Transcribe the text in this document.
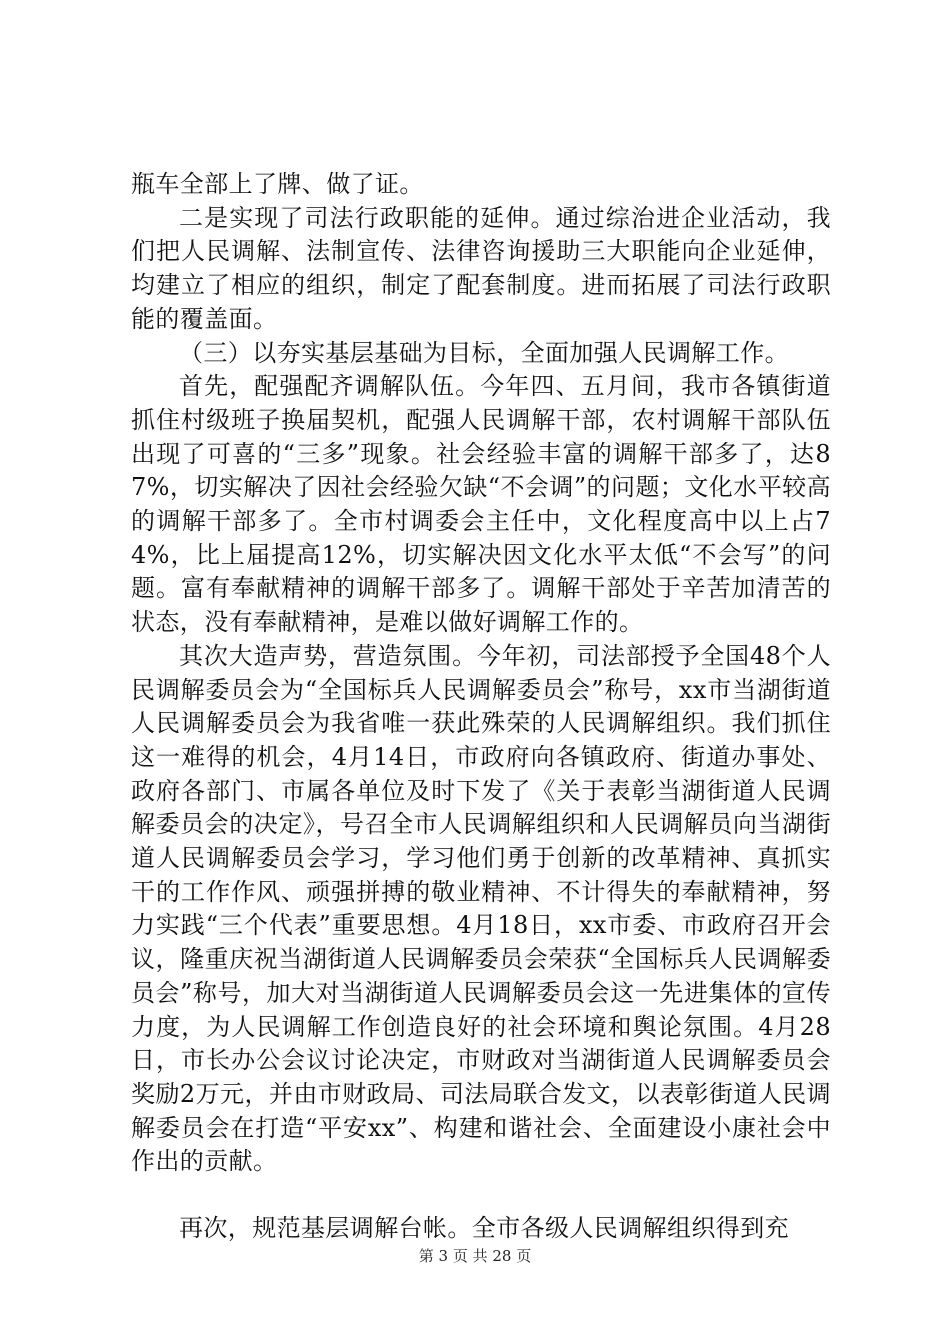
瓶车全部上了牌、做了证。

二是实现了司法行政职能的延伸。通过综治进企业活动，我们把人民调解、法制宣传、法律咨询援助三大职能向企业延伸，均建立了相应的组织，制定了配套制度。进而拓展了司法行政职能的覆盖面。

（三）以夯实基层基础为目标，全面加强人民调解工作。

首先，配强配齐调解队伍。今年四、五月间，我市各镇街道抓住村级班子换届契机，配强人民调解干部，农村调解干部队伍出现了可喜的“三多”现象。社会经验丰富的调解干部多了，达87%，切实解决了因社会经验欠缺“不会调”的问题；文化水平较高的调解干部多了。全市村调委会主任中，文化程度高中以上占74%，比上届提高12%，切实解决因文化水平太低“不会写”的问题。富有奉献精神的调解干部多了。调解干部处于辛苦加清苦的状态，没有奉献精神，是难以做好调解工作的。

其次大造声势，营造氛围。今年初，司法部授予全国48个人民调解委员会为“全国标兵人民调解委员会”称号，xx市当湖街道人民调解委员会为我省唯一获此殊荣的人民调解组织。我们抓住这一难得的机会，4月14日，市政府向各镇政府、街道办事处、政府各部门、市属各单位及时下发了《关于表彰当湖街道人民调解委员会的决定》，号召全市人民调解组织和人民调解员向当湖街道人民调解委员会学习，学习他们勇于创新的改革精神、真抓实干的工作作风、顽强拼搏的敬业精神、不计得失的奉献精神，努力实践“三个代表”重要思想。4月18日，xx市委、市政府召开会议，隆重庆祝当湖街道人民调解委员会荣获“全国标兵人民调解委员会”称号，加大对当湖街道人民调解委员会这一先进集体的宣传力度，为人民调解工作创造良好的社会环境和舆论氛围。4月28日，市长办公会议讨论决定，市财政对当湖街道人民调解委员会奖励2万元，并由市财政局、司法局联合发文，以表彰街道人民调解委员会在打造“平安xx”、构建和谐社会、全面建设小康社会中作出的贡献。

再次，规范基层调解台帐。全市各级人民调解组织得到充

第 3 页 共 28 页
